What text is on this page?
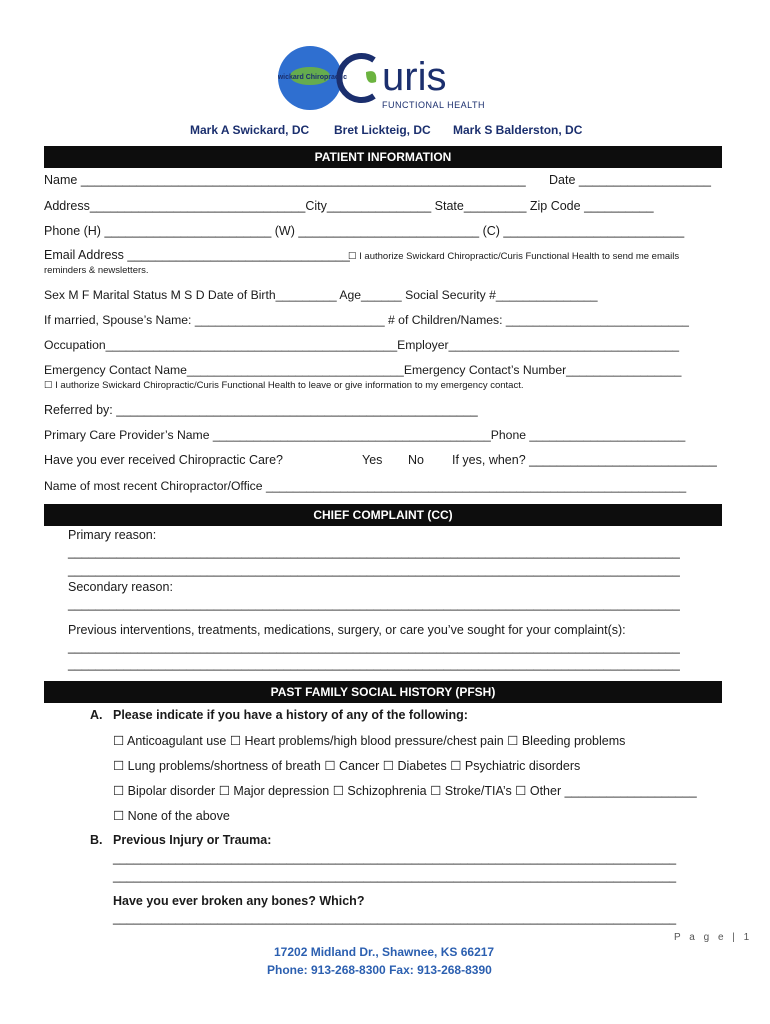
Swickard Chiropractic uris
FUNCTIONAL HEALTH
Mark A Swickard, DC Bret Lickteig, DC Mark S Balderston, DC
PATIENT INFORMATION
Name ________________________________________________________________ Date ___________________
Address_______________________________City_______________ State_________ Zip Code __________
Phone (H) ________________________ (W) __________________________ (C) __________________________
Email Address ________________________________
☐ I authorize Swickard Chiropractic/Curis Functional Health to send me emails
reminders & newsletters.
Sex M F Marital Status M S D Date of Birth_________ Age______ Social Security #_______________
If married, Spouse’s Name: ____________________________ # of Children/Names: ___________________________
Occupation___________________________________________Employer__________________________________
Emergency Contact Name________________________________Emergency Contact’s Number_________________
☐ I authorize Swickard Chiropractic/Curis Functional Health to leave or give information to my emergency contact.
Referred by: ____________________________________________________
Primary Care Provider’s Name _________________________________________Phone _______________________
Have you ever received Chiropractic Care?	Yes No If yes, when? ___________________________
Name of most recent Chiropractor/Office ______________________________________________________________
CHIEF COMPLAINT (CC)
Primary reason:
________________________________________________________________________________________
________________________________________________________________________________________
Secondary reason:
________________________________________________________________________________________
Previous interventions, treatments, medications, surgery, or care you’ve sought for your complaint(s):
________________________________________________________________________________________
________________________________________________________________________________________
PAST FAMILY SOCIAL HISTORY (PFSH)
A. Please indicate if you have a history of any of the following:
☐ Anticoagulant use ☐ Heart problems/high blood pressure/chest pain ☐ Bleeding problems
☐ Lung problems/shortness of breath ☐ Cancer ☐ Diabetes ☐ Psychiatric disorders
☐ Bipolar disorder ☐ Major depression ☐ Schizophrenia ☐ Stroke/TIA’s ☐ Other ___________________
☐ None of the above
B. Previous Injury or Trauma:
_________________________________________________________________________________
_________________________________________________________________________________
Have you ever broken any bones? Which?
_________________________________________________________________________________
P a g e | 1
17202 Midland Dr., Shawnee, KS 66217
Phone: 913-268-8300 Fax: 913-268-8390
